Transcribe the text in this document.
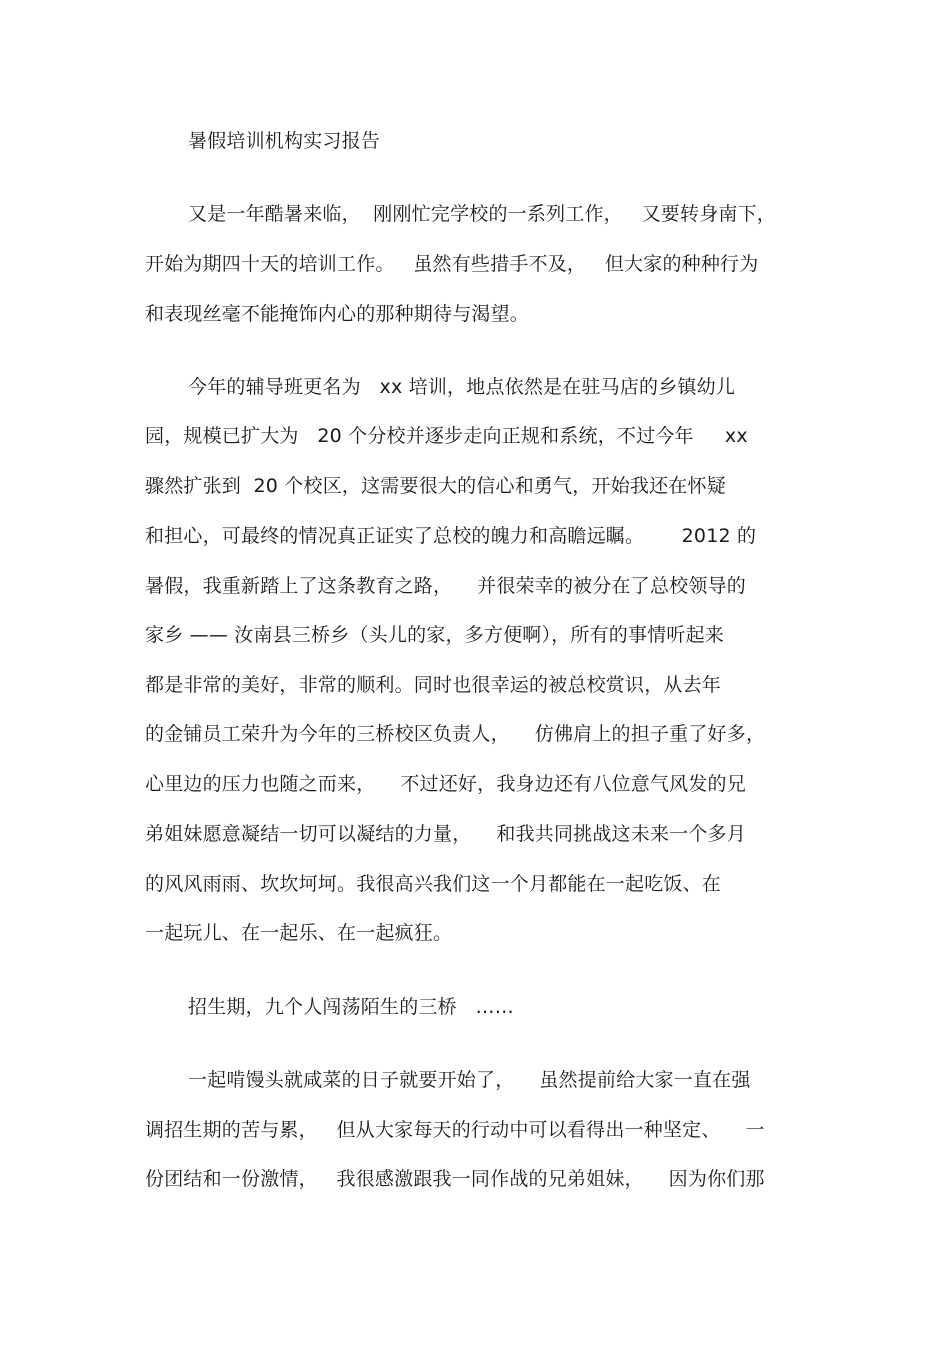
暑假培训机构实习报告
又是一年酷暑来临，  刚刚忙完学校的一系列工作，   又要转身南下，
开始为期四十天的培训工作。   虽然有些措手不及，   但大家的种种行为
和表现丝毫不能掩饰内心的那种期待与渴望。
今年的辅导班更名为   xx 培训，地点依然是在驻马店的乡镇幼儿
园，规模已扩大为   20 个分校并逐步走向正规和系统，不过今年     xx
骤然扩张到  20 个校区，这需要很大的信心和勇气，开始我还在怀疑
和担心，可最终的情况真正证实了总校的魄力和高瞻远瞩。      2012 的
暑假，我重新踏上了这条教育之路，    并很荣幸的被分在了总校领导的
家乡 —— 汝南县三桥乡（头儿的家，多方便啊），所有的事情听起来
都是非常的美好，非常的顺利。同时也很幸运的被总校赏识，从去年
的金铺员工荣升为今年的三桥校区负责人，    仿佛肩上的担子重了好多，
心里边的压力也随之而来，    不过还好，我身边还有八位意气风发的兄
弟姐妹愿意凝结一切可以凝结的力量，    和我共同挑战这未来一个多月
的风风雨雨、坎坎坷坷。我很高兴我们这一个月都能在一起吃饭、在
一起玩儿、在一起乐、在一起疯狂。
招生期，九个人闯荡陌生的三桥   ……
一起啃馒头就咸菜的日子就要开始了，    虽然提前给大家一直在强
调招生期的苦与累，   但从大家每天的行动中可以看得出一种坚定、    一
份团结和一份激情，   我很感激跟我一同作战的兄弟姐妹，    因为你们那
